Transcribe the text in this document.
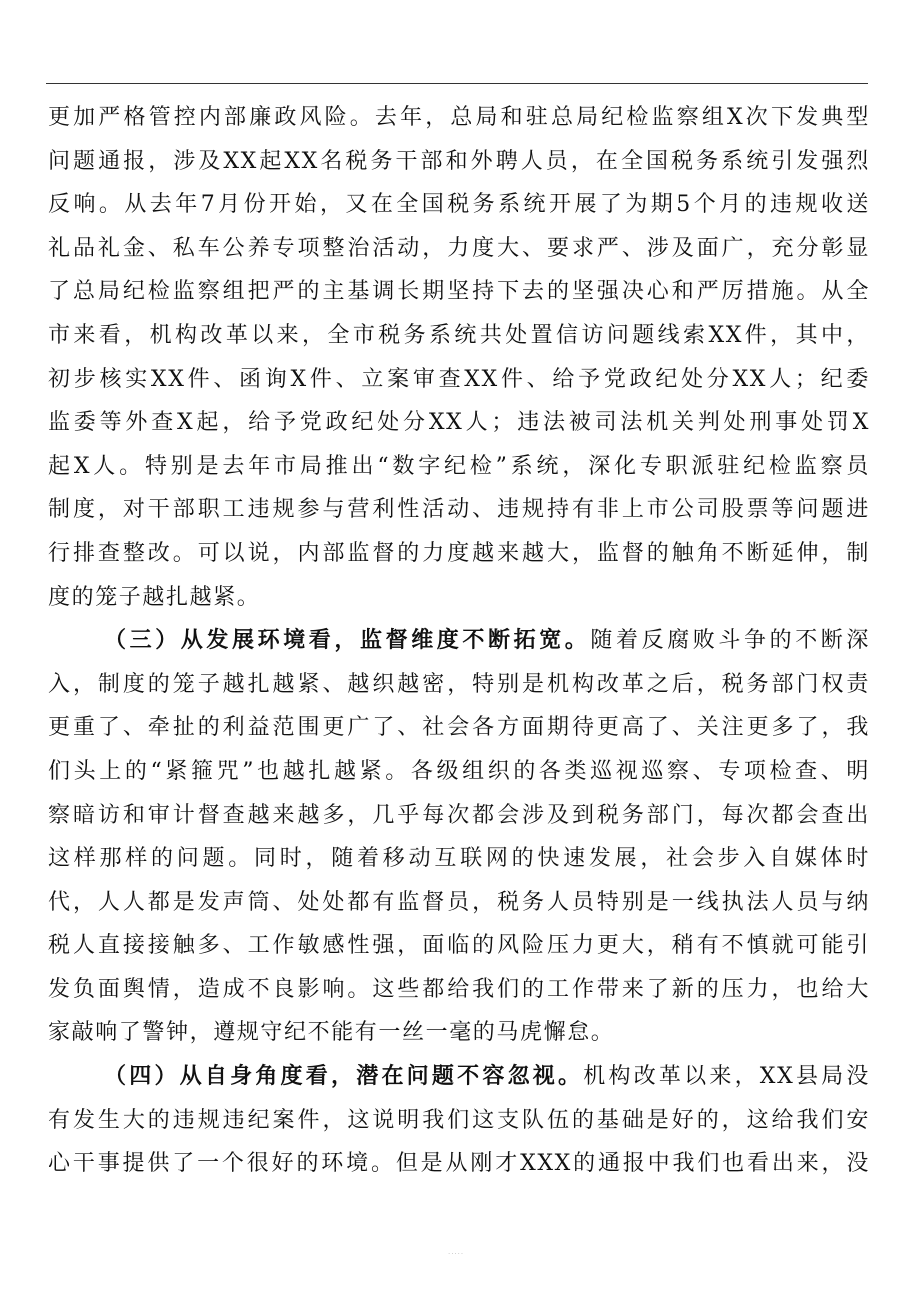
更加严格管控内部廉政风险。去年，总局和驻总局纪检监察组X次下发典型
问题通报，涉及XX起XX名税务干部和外聘人员，在全国税务系统引发强烈
反响。从去年7月份开始，又在全国税务系统开展了为期5个月的违规收送
礼品礼金、私车公养专项整治活动，力度大、要求严、涉及面广，充分彰显
了总局纪检监察组把严的主基调长期坚持下去的坚强决心和严厉措施。从全
市来看，机构改革以来，全市税务系统共处置信访问题线索XX件，其中，
初步核实XX件、函询X件、立案审查XX件、给予党政纪处分XX人；纪委
监委等外查X起，给予党政纪处分XX人；违法被司法机关判处刑事处罚X
起X人。特别是去年市局推出“数字纪检”系统，深化专职派驻纪检监察员
制度，对干部职工违规参与营利性活动、违规持有非上市公司股票等问题进
行排查整改。可以说，内部监督的力度越来越大，监督的触角不断延伸，制
度的笼子越扎越紧。
（三）从发展环境看，监督维度不断拓宽。随着反腐败斗争的不断深
入，制度的笼子越扎越紧、越织越密，特别是机构改革之后，税务部门权责
更重了、牵扯的利益范围更广了、社会各方面期待更高了、关注更多了，我
们头上的“紧箍咒”也越扎越紧。各级组织的各类巡视巡察、专项检查、明
察暗访和审计督查越来越多，几乎每次都会涉及到税务部门，每次都会查出
这样那样的问题。同时，随着移动互联网的快速发展，社会步入自媒体时
代，人人都是发声筒、处处都有监督员，税务人员特别是一线执法人员与纳
税人直接接触多、工作敏感性强，面临的风险压力更大，稍有不慎就可能引
发负面舆情，造成不良影响。这些都给我们的工作带来了新的压力，也给大
家敲响了警钟，遵规守纪不能有一丝一毫的马虎懈怠。
（四）从自身角度看，潜在问题不容忽视。机构改革以来，XX县局没
有发生大的违规违纪案件，这说明我们这支队伍的基础是好的，这给我们安
心干事提供了一个很好的环境。但是从刚才XXX的通报中我们也看出来，没
·····
